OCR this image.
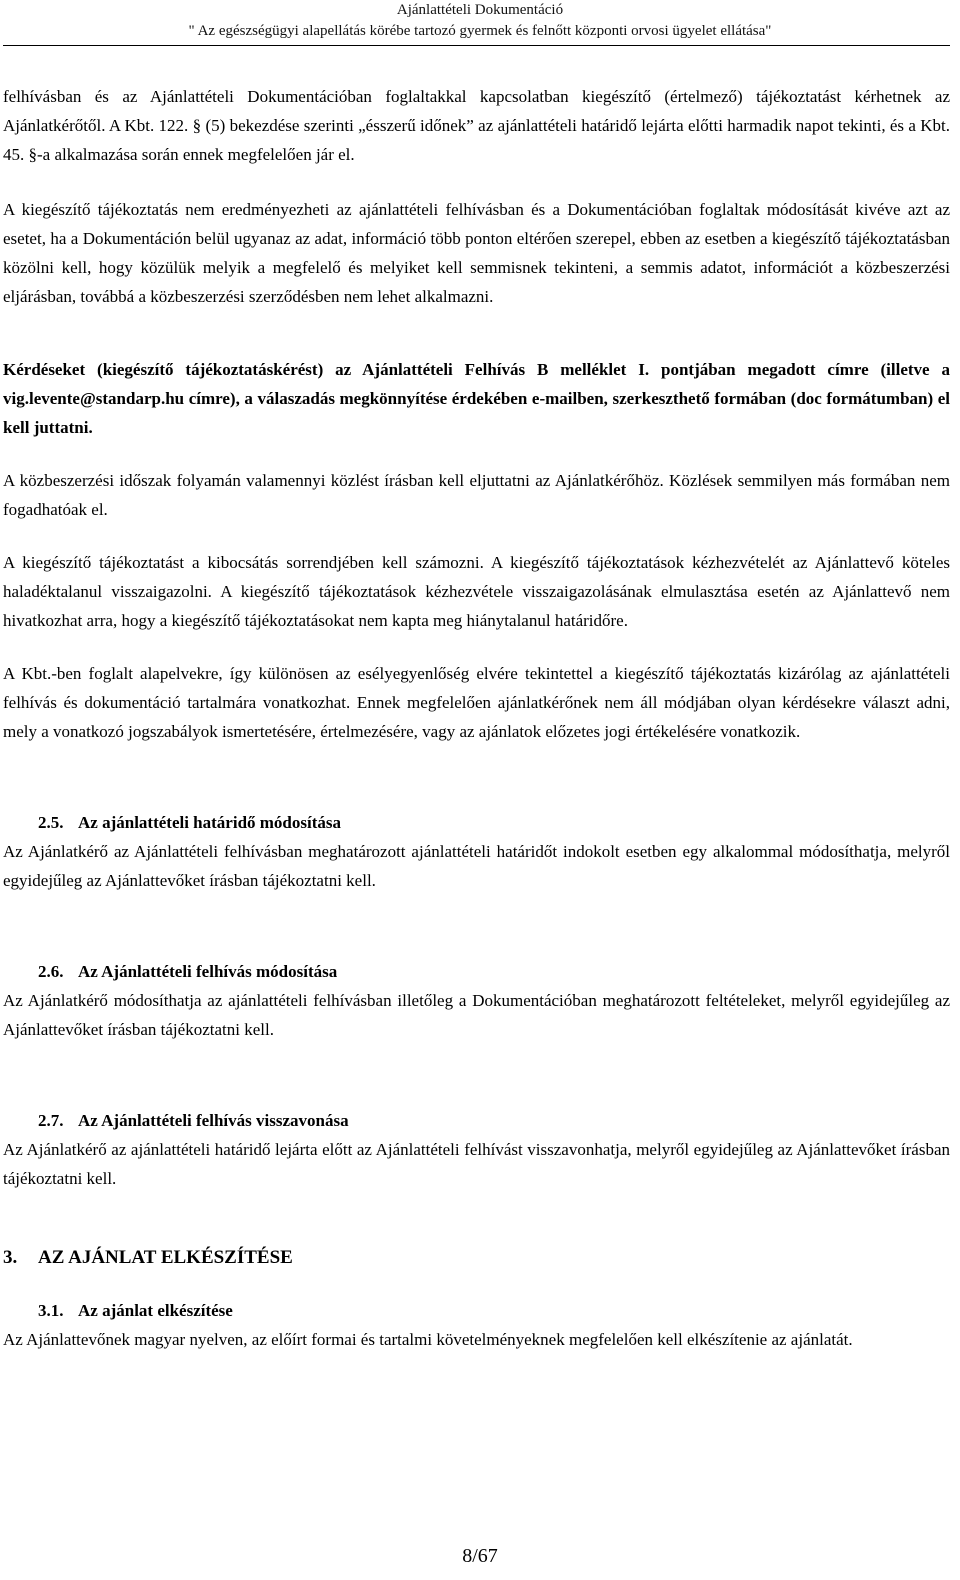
Ajánlattételi Dokumentáció
" Az egészségügyi alapellátás körébe tartozó gyermek és felnőtt központi orvosi ügyelet ellátása"

felhívásban és az Ajánlattételi Dokumentációban foglaltakkal kapcsolatban kiegészítő (értelmező) tájékoztatást kérhetnek az Ajánlatkérőtől. A Kbt. 122. § (5) bekezdése szerinti „ésszerű időnek” az ajánlattételi határidő lejárta előtti harmadik napot tekinti, és a Kbt. 45. §-a alkalmazása során ennek megfelelően jár el.

A kiegészítő tájékoztatás nem eredményezheti az ajánlattételi felhívásban és a Dokumentációban foglaltak módosítását kivéve azt az esetet, ha a Dokumentáción belül ugyanaz az adat, információ több ponton eltérően szerepel, ebben az esetben a kiegészítő tájékoztatásban közölni kell, hogy közülük melyik a megfelelő és melyiket kell semmisnek tekinteni, a semmis adatot, információt a közbeszerzési eljárásban, továbbá a közbeszerzési szerződésben nem lehet alkalmazni.

Kérdéseket (kiegészítő tájékoztatáskérést) az Ajánlattételi Felhívás B melléklet I. pontjában megadott címre (illetve a vig.levente@standarp.hu címre), a válaszadás megkönnyítése érdekében e-mailben, szerkeszthető formában (doc formátumban) el kell juttatni.

A közbeszerzési időszak folyamán valamennyi közlést írásban kell eljuttatni az Ajánlatkérőhöz. Közlések semmilyen más formában nem fogadhatóak el.

A kiegészítő tájékoztatást a kibocsátás sorrendjében kell számozni. A kiegészítő tájékoztatások kézhezvételét az Ajánlattevő köteles haladéktalanul visszaigazolni. A kiegészítő tájékoztatások kézhezvétele visszaigazolásának elmulasztása esetén az Ajánlattevő nem hivatkozhat arra, hogy a kiegészítő tájékoztatásokat nem kapta meg hiánytalanul határidőre.

A Kbt.-ben foglalt alapelvekre, így különösen az esélyegyenlőség elvére tekintettel a kiegészítő tájékoztatás kizárólag az ajánlattételi felhívás és dokumentáció tartalmára vonatkozhat. Ennek megfelelően ajánlatkérőnek nem áll módjában olyan kérdésekre választ adni, mely a vonatkozó jogszabályok ismertetésére, értelmezésére, vagy az ajánlatok előzetes jogi értékelésére vonatkozik.

2.5. Az ajánlattételi határidő módosítása

Az Ajánlatkérő az Ajánlattételi felhívásban meghatározott ajánlattételi határidőt indokolt esetben egy alkalommal módosíthatja, melyről egyidejűleg az Ajánlattevőket írásban tájékoztatni kell.

2.6. Az Ajánlattételi felhívás módosítása

Az Ajánlatkérő módosíthatja az ajánlattételi felhívásban illetőleg a Dokumentációban meghatározott feltételeket, melyről egyidejűleg az Ajánlattevőket írásban tájékoztatni kell.

2.7. Az Ajánlattételi felhívás visszavonása

Az Ajánlatkérő az ajánlattételi határidő lejárta előtt az Ajánlattételi felhívást visszavonhatja, melyről egyidejűleg az Ajánlattevőket írásban tájékoztatni kell.

3. AZ AJÁNLAT ELKÉSZÍTÉSE
3.1. Az ajánlat elkészítése

Az Ajánlattevőnek magyar nyelven, az előírt formai és tartalmi követelményeknek megfelelően kell elkészítenie az ajánlatát.

8/67
